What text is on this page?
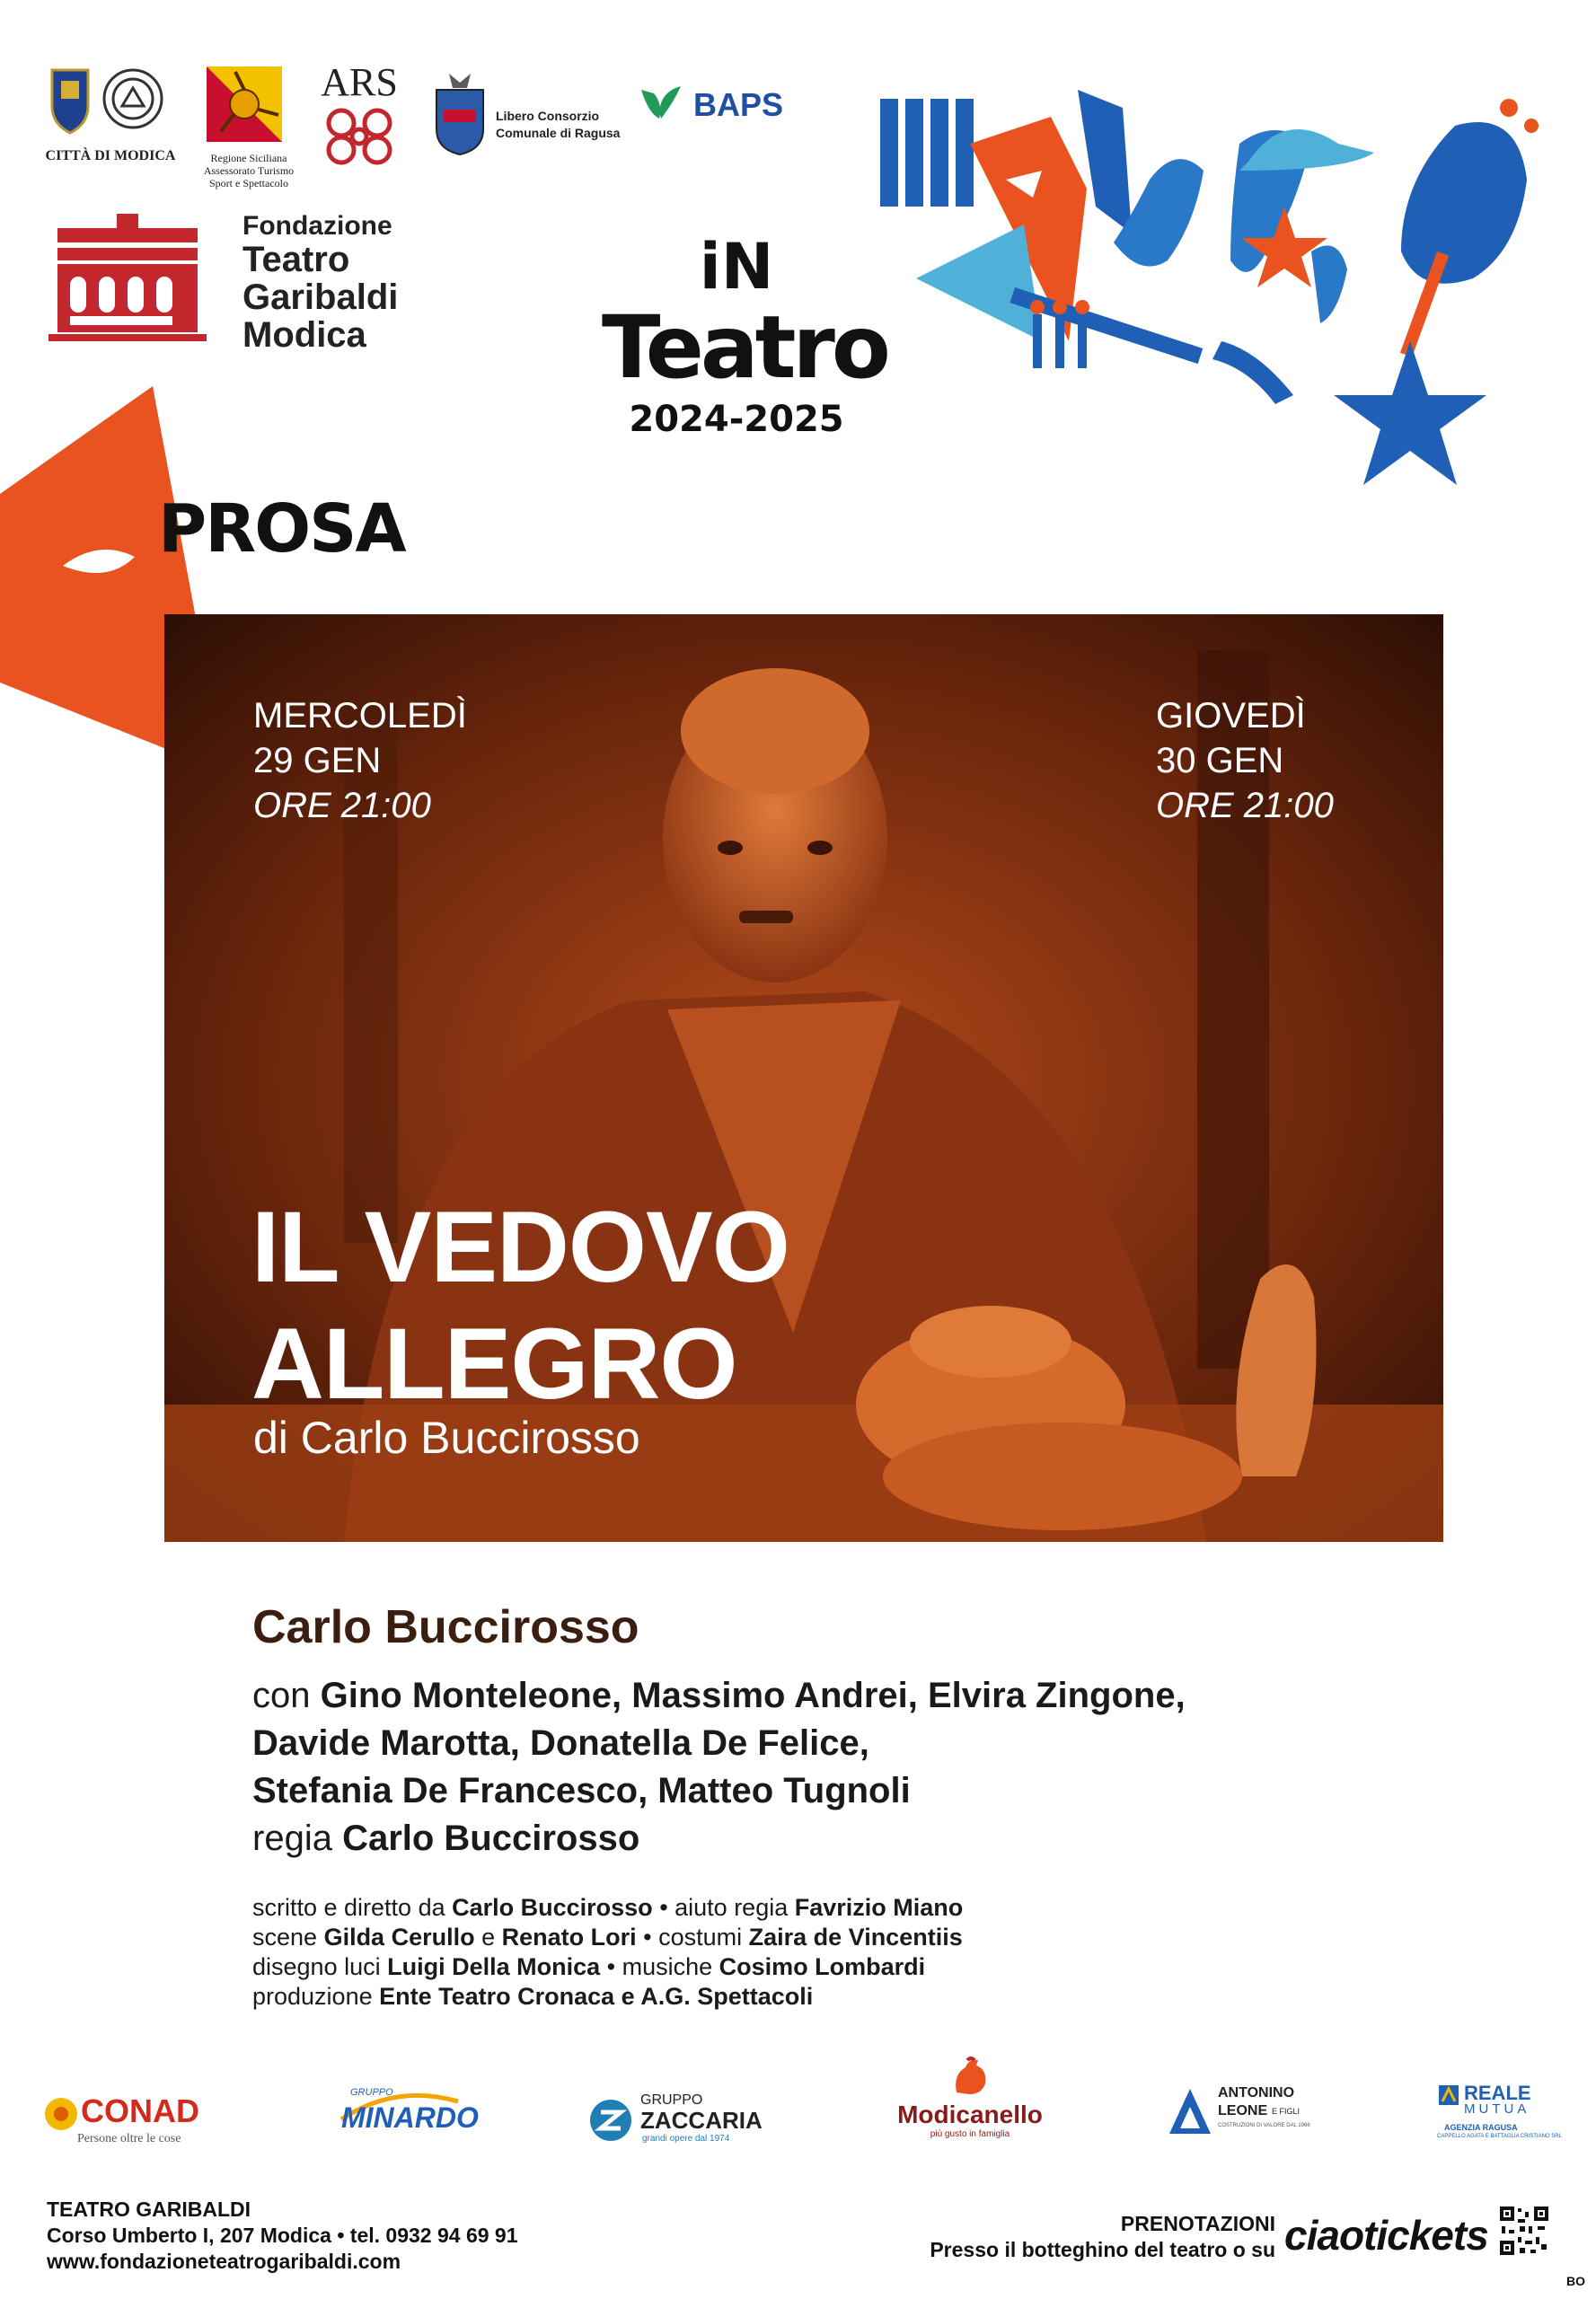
CITTÀ DI MODICA	Regione Siciliana
Assessorato Turismo
Sport e Spettacolo
ARS
Libero Consorzio
Comunale di Ragusa
BAPS
Fondazione
Teatro
Garibaldi
Modica
iN
Teatro
2024-2025
PROSA
MERCOLEDÌ
29 GEN
ORE 21:00
GIOVEDÌ
30 GEN
ORE 21:00
IL VEDOVO
ALLEGRO
di Carlo Buccirosso
Carlo Buccirosso
con Gino Monteleone, Massimo Andrei, Elvira Zingone,
Davide Marotta, Donatella De Felice,
Stefania De Francesco, Matteo Tugnoli
regia Carlo Buccirosso
scritto e diretto da Carlo Buccirosso • aiuto regia Favrizio Miano
scene Gilda Cerullo e Renato Lori • costumi Zaira de Vincentiis
disegno luci Luigi Della Monica • musiche Cosimo Lombardi
produzione Ente Teatro Cronaca e A.G. Spettacoli
CONAD
Persone oltre le cose
GRUPPO
MINARDO
GRUPPO
ZACCARIA
grandi opere dal 1974
Modicanello
più gusto in famiglia
ANTONINO
LEONE E FIGLI
COSTRUZIONI DI VALORE DAL 1966
REALE
MUTUA
AGENZIA RAGUSA
CAPPELLO AGATA E BATTAGLIA CRISTIANO SRL
TEATRO GARIBALDI
Corso Umberto I, 207 Modica • tel. 0932 94 69 91
www.fondazioneteatrogaribaldi.com
PRENOTAZIONI
Presso il botteghino del teatro o su ciaotickets
BO
